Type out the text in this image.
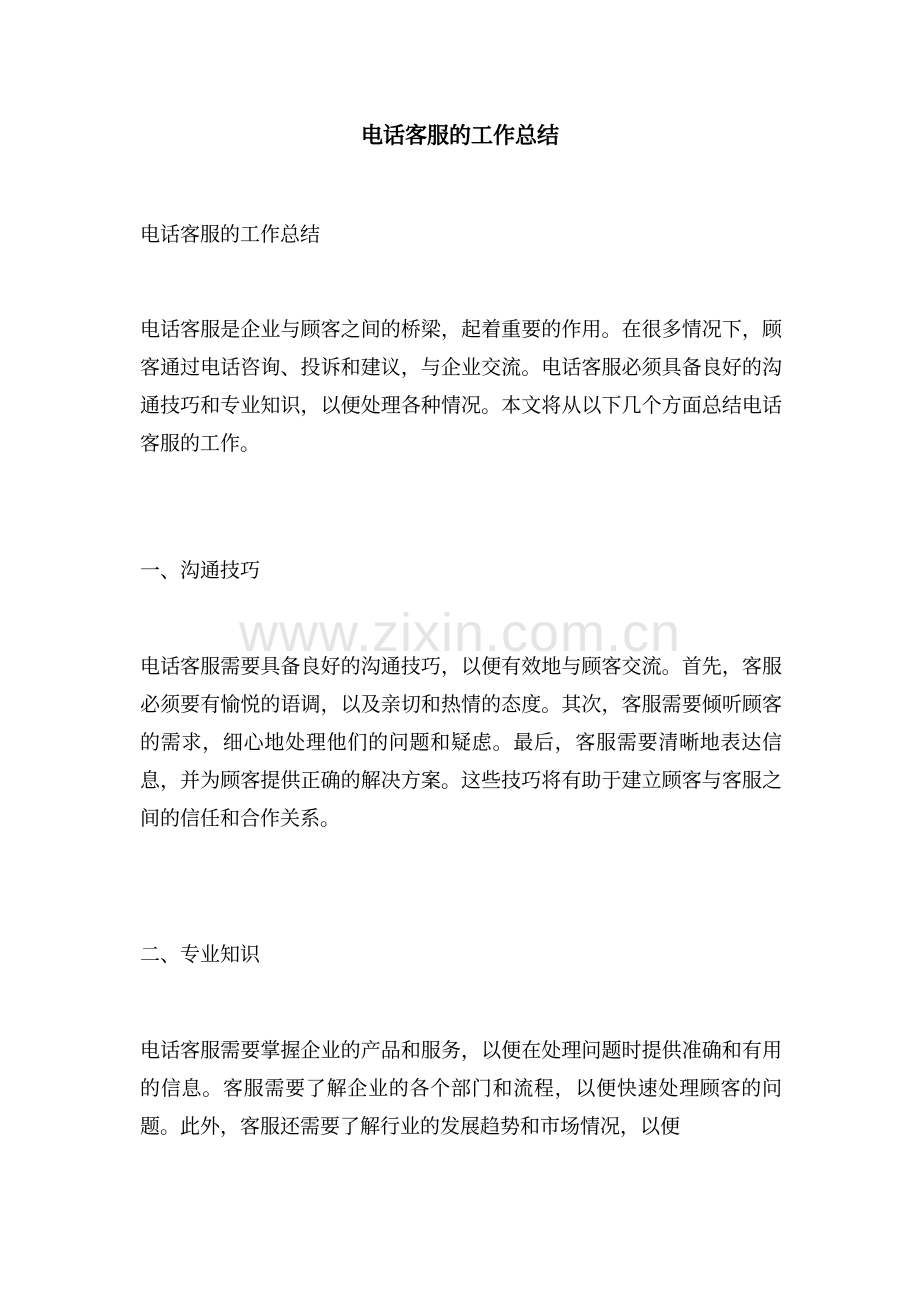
电话客服的工作总结

电话客服的工作总结

电话客服是企业与顾客之间的桥梁，起着重要的作用。在很多情况下，顾客通过电话咨询、投诉和建议，与企业交流。电话客服必须具备良好的沟通技巧和专业知识，以便处理各种情况。本文将从以下几个方面总结电话客服的工作。

一、沟通技巧

电话客服需要具备良好的沟通技巧，以便有效地与顾客交流。首先，客服必须要有愉悦的语调，以及亲切和热情的态度。其次，客服需要倾听顾客的需求，细心地处理他们的问题和疑虑。最后，客服需要清晰地表达信息，并为顾客提供正确的解决方案。这些技巧将有助于建立顾客与客服之间的信任和合作关系。

二、专业知识

电话客服需要掌握企业的产品和服务，以便在处理问题时提供准确和有用的信息。客服需要了解企业的各个部门和流程，以便快速处理顾客的问题。此外，客服还需要了解行业的发展趋势和市场情况，以便

www.zixin.com.cn
